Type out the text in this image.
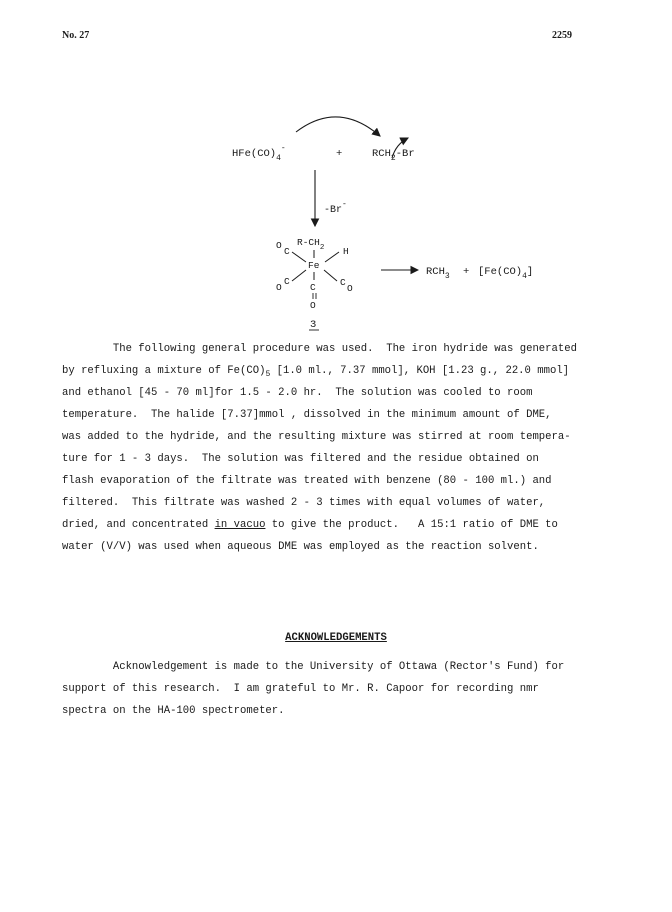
No. 27	2259
$HFe(CO)_4^-$	+	$RCH_2-Br$
-Br-
$R-CH_2$
Fe
H
O
C
O
C
C
O
C
O
$RCH_3 + [Fe(CO)_4]$
3

The following general procedure was used.  The iron hydride was generated
by refluxing a mixture of $Fe(CO)_5$ [1.0 ml., 7.37 mmol], KOH [1.23 g., 22.0 mmol]
and ethanol [45 - 70 ml]for 1.5 - 2.0 hr.  The solution was cooled to room
temperature.  The halide [7.37]mmol , dissolved in the minimum amount of DME,
was added to the hydride, and the resulting mixture was stirred at room tempera-
ture for 1 - 3 days.  The solution was filtered and the residue obtained on
flash evaporation of the filtrate was treated with benzene (80 - 100 ml.) and
filtered.  This filtrate was washed 2 - 3 times with equal volumes of water,
dried, and concentrated in vacuo to give the product.   A 15:1 ratio of DME to
water (V/V) was used when aqueous DME was employed as the reaction solvent.

ACKNOWLEDGEMENTS

Acknowledgement is made to the University of Ottawa (Rector's Fund) for
support of this research.  I am grateful to Mr. R. Capoor for recording nmr
spectra on the HA-100 spectrometer.
